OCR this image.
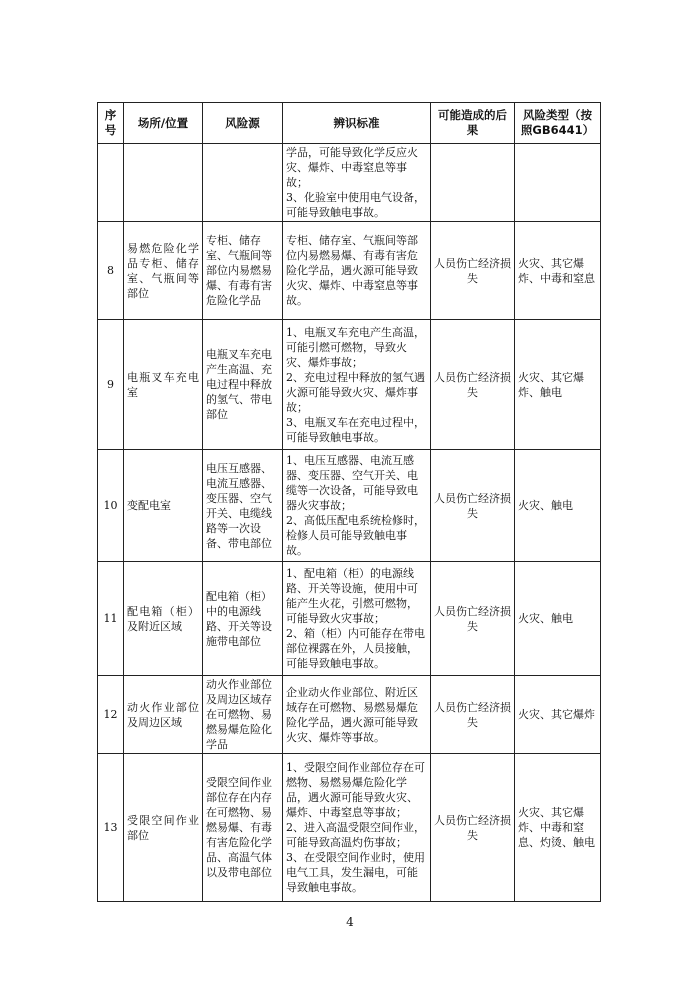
序号	场所/位置	风险源	辨识标准	可能造成的后果	风险类型（按照GB6441）

			学品，可能导致化学反应火灾、爆炸、中毒窒息等事故；
3、化验室中使用电气设备，可能导致触电事故。		

8	易燃危险化学品专柜、储存室、气瓶间等部位	专柜、储存室、气瓶间等部位内易燃易爆、有毒有害危险化学品	专柜、储存室、气瓶间等部位内易燃易爆、有毒有害危险化学品，遇火源可能导致火灾、爆炸、中毒窒息等事故。	人员伤亡经济损失	火灾、其它爆炸、中毒和窒息
9	电瓶叉车充电室	电瓶叉车充电产生高温、充电过程中释放的氢气、带电部位	1、电瓶叉车充电产生高温，可能引燃可燃物，导致火灾、爆炸事故；
2、充电过程中释放的氢气遇火源可能导致火灾、爆炸事故；
3、电瓶叉车在充电过程中，可能导致触电事故。	人员伤亡经济损失	火灾、其它爆炸、触电
10	变配电室	电压互感器、电流互感器、变压器、空气开关、电缆线路等一次设备、带电部位	1、电压互感器、电流互感器、变压器、空气开关、电缆等一次设备，可能导致电器火灾事故；
2、高低压配电系统检修时，检修人员可能导致触电事故。	人员伤亡经济损失	火灾、触电
11	配电箱（柜）及附近区域	配电箱（柜）中的电源线路、开关等设施带电部位	1、配电箱（柜）的电源线路、开关等设施，使用中可能产生火花，引燃可燃物，可能导致火灾事故；
2、箱（柜）内可能存在带电部位裸露在外，人员接触，可能导致触电事故。	人员伤亡经济损失	火灾、触电
12	动火作业部位及周边区域	动火作业部位及周边区域存在可燃物、易燃易爆危险化学品	企业动火作业部位、附近区域存在可燃物、易燃易爆危险化学品，遇火源可能导致火灾、爆炸等事故。	人员伤亡经济损失	火灾、其它爆炸
13	受限空间作业部位	受限空间作业部位存在内存在可燃物、易燃易爆、有毒有害危险化学品、高温气体以及带电部位	1、受限空间作业部位存在可燃物、易燃易爆危险化学品，遇火源可能导致火灾、爆炸、中毒窒息等事故；
2、进入高温受限空间作业，可能导致高温灼伤事故；
3、在受限空间作业时，使用电气工具，发生漏电，可能导致触电事故。	人员伤亡经济损失	火灾、其它爆炸、中毒和窒息、灼烫、触电
4
